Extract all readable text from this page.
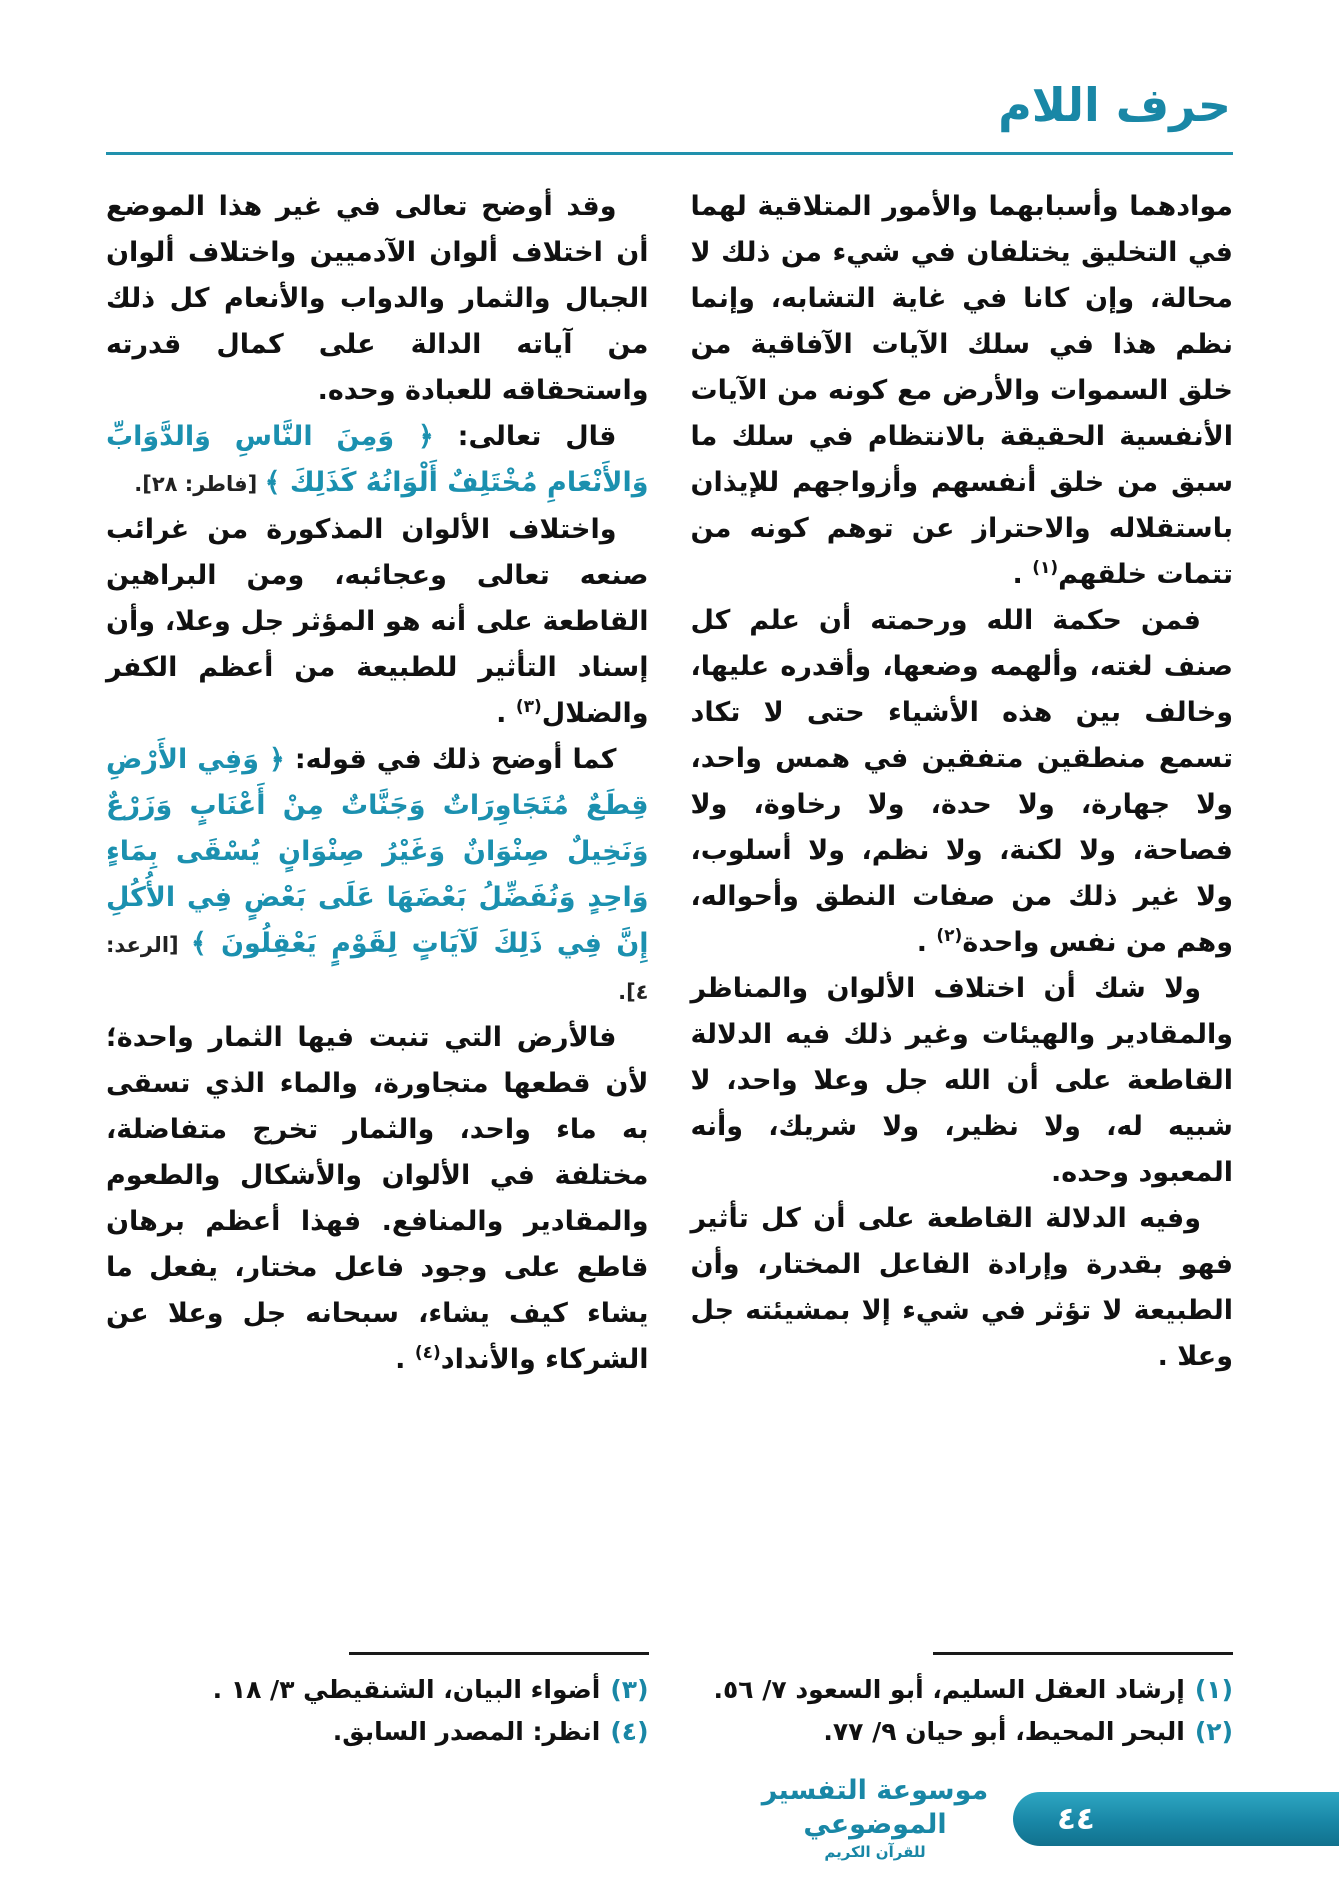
حرف اللام

موادهما وأسبابهما والأمور المتلاقية لهما في التخليق يختلفان في شيء من ذلك لا محالة، وإن كانا في غاية التشابه، وإنما نظم هذا في سلك الآيات الآفاقية من خلق السموات والأرض مع كونه من الآيات الأنفسية الحقيقة بالانتظام في سلك ما سبق من خلق أنفسهم وأزواجهم للإيذان باستقلاله والاحتراز عن توهم كونه من تتمات خلقهم$^{(١)}$ .

فمن حكمة الله ورحمته أن علم كل صنف لغته، وألهمه وضعها، وأقدره عليها، وخالف بين هذه الأشياء حتى لا تكاد تسمع منطقين متفقين في همس واحد، ولا جهارة، ولا حدة، ولا رخاوة، ولا فصاحة، ولا لكنة، ولا نظم، ولا أسلوب، ولا غير ذلك من صفات النطق وأحواله، وهم من نفس واحدة$^{(٢)}$ .

ولا شك أن اختلاف الألوان والمناظر والمقادير والهيئات وغير ذلك فيه الدلالة القاطعة على أن الله جل وعلا واحد، لا شبيه له، ولا نظير، ولا شريك، وأنه المعبود وحده.

وفيه الدلالة القاطعة على أن كل تأثير فهو بقدرة وإرادة الفاعل المختار، وأن الطبيعة لا تؤثر في شيء إلا بمشيئته جل وعلا .

وقد أوضح تعالى في غير هذا الموضع أن اختلاف ألوان الآدميين واختلاف ألوان الجبال والثمار والدواب والأنعام كل ذلك من آياته الدالة على كمال قدرته واستحقاقه للعبادة وحده.

قال تعالى: ﴿ وَمِنَ النَّاسِ وَالدَّوَابِّ وَالأَنْعَامِ مُخْتَلِفٌ أَلْوَانُهُ كَذَلِكَ ﴾ [فاطر: ٢٨].

واختلاف الألوان المذكورة من غرائب صنعه تعالى وعجائبه، ومن البراهين القاطعة على أنه هو المؤثر جل وعلا، وأن إسناد التأثير للطبيعة من أعظم الكفر والضلال$^{(٣)}$ .

كما أوضح ذلك في قوله: ﴿ وَفِي الأَرْضِ قِطَعٌ مُتَجَاوِرَاتٌ وَجَنَّاتٌ مِنْ أَعْنَابٍ وَزَرْعٌ وَنَخِيلٌ صِنْوَانٌ وَغَيْرُ صِنْوَانٍ يُسْقَى بِمَاءٍ وَاحِدٍ وَنُفَضِّلُ بَعْضَهَا عَلَى بَعْضٍ فِي الأُكُلِ إِنَّ فِي ذَلِكَ لَآيَاتٍ لِقَوْمٍ يَعْقِلُونَ ﴾ [الرعد: ٤].

فالأرض التي تنبت فيها الثمار واحدة؛ لأن قطعها متجاورة، والماء الذي تسقى به ماء واحد، والثمار تخرج متفاضلة، مختلفة في الألوان والأشكال والطعوم والمقادير والمنافع. فهذا أعظم برهان قاطع على وجود فاعل مختار، يفعل ما يشاء كيف يشاء، سبحانه جل وعلا عن الشركاء والأنداد$^{(٤)}$ .

(١)إرشاد العقل السليم، أبو السعود ٧/ ٥٦.
(٢)البحر المحيط، أبو حيان ٩/ ٧٧.
(٣)أضواء البيان، الشنقيطي ٣/ ١٨ .
(٤)انظر: المصدر السابق.
موسوعة التفسير الموضوعي
للقرآن الكريم
٤٤
